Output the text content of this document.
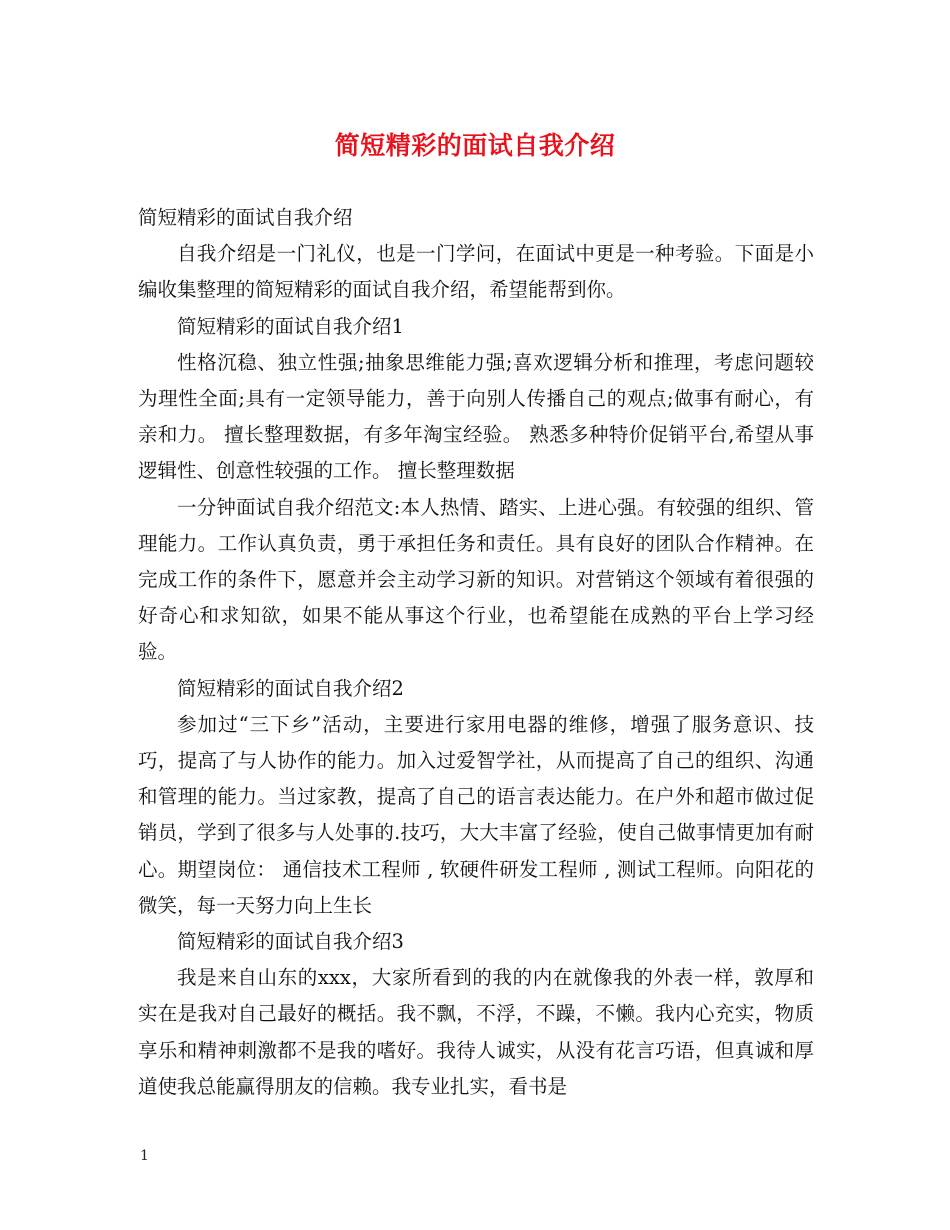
简短精彩的面试自我介绍

简短精彩的面试自我介绍

自我介绍是一门礼仪，也是一门学问，在面试中更是一种考验。下面是小编收集整理的简短精彩的面试自我介绍，希望能帮到你。

简短精彩的面试自我介绍1

性格沉稳、独立性强;抽象思维能力强;喜欢逻辑分析和推理，考虑问题较为理性全面;具有一定领导能力，善于向别人传播自己的观点;做事有耐心，有亲和力。 擅长整理数据，有多年淘宝经验。 熟悉多种特价促销平台,希望从事逻辑性、创意性较强的工作。 擅长整理数据

一分钟面试自我介绍范文:本人热情、踏实、上进心强。有较强的组织、管理能力。工作认真负责，勇于承担任务和责任。具有良好的团队合作精神。在完成工作的条件下，愿意并会主动学习新的知识。对营销这个领域有着很强的好奇心和求知欲，如果不能从事这个行业，也希望能在成熟的平台上学习经验。

简短精彩的面试自我介绍2

参加过“三下乡”活动，主要进行家用电器的维修，增强了服务意识、技巧，提高了与人协作的能力。加入过爱智学社，从而提高了自己的组织、沟通和管理的能力。当过家教，提高了自己的语言表达能力。在户外和超市做过促销员，学到了很多与人处事的.技巧，大大丰富了经验，使自己做事情更加有耐心。期望岗位： 通信技术工程师 , 软硬件研发工程师 , 测试工程师。向阳花的微笑，每一天努力向上生长

简短精彩的面试自我介绍3

我是来自山东的xxx，大家所看到的我的内在就像我的外表一样，敦厚和实在是我对自己最好的概括。我不飘，不浮，不躁，不懒。我内心充实，物质享乐和精神刺激都不是我的嗜好。我待人诚实，从没有花言巧语，但真诚和厚道使我总能赢得朋友的信赖。我专业扎实，看书是

1
